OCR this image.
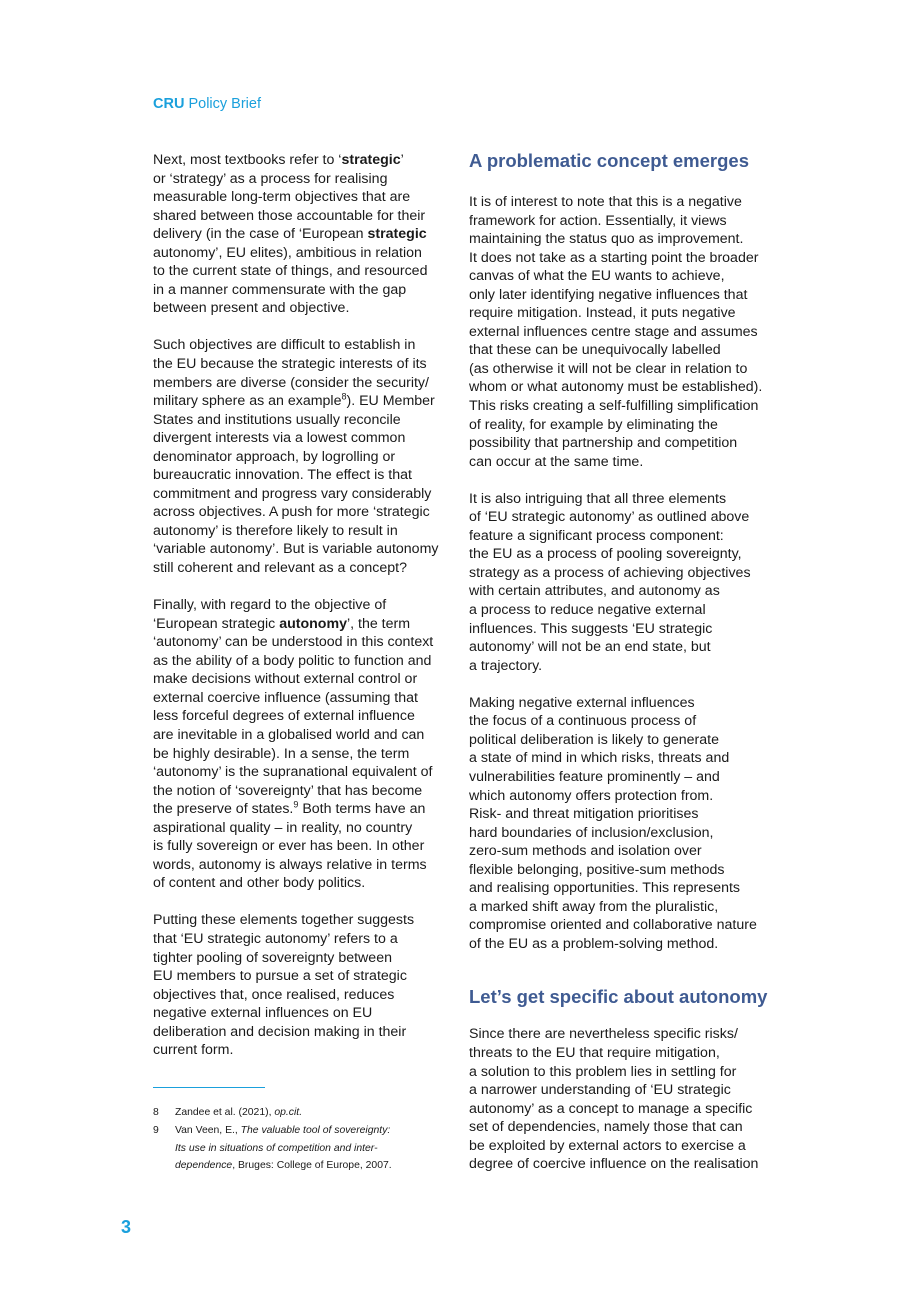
CRU Policy Brief
Next, most textbooks refer to ‘strategic’
or ‘strategy’ as a process for realising
measurable long-term objectives that are
shared between those accountable for their
delivery (in the case of ‘European strategic
autonomy’, EU elites), ambitious in relation
to the current state of things, and resourced
in a manner commensurate with the gap
between present and objective.
Such objectives are difficult to establish in
the EU because the strategic interests of its
members are diverse (consider the security/
military sphere as an example$^8$). EU Member
States and institutions usually reconcile
divergent interests via a lowest common
denominator approach, by logrolling or
bureaucratic innovation. The effect is that
commitment and progress vary considerably
across objectives. A push for more ‘strategic
autonomy’ is therefore likely to result in
‘variable autonomy’. But is variable autonomy
still coherent and relevant as a concept?
Finally, with regard to the objective of
‘European strategic autonomy’, the term
‘autonomy’ can be understood in this context
as the ability of a body politic to function and
make decisions without external control or
external coercive influence (assuming that
less forceful degrees of external influence
are inevitable in a globalised world and can
be highly desirable). In a sense, the term
‘autonomy’ is the supranational equivalent of
the notion of ‘sovereignty’ that has become
the preserve of states.$^9$ Both terms have an
aspirational quality – in reality, no country
is fully sovereign or ever has been. In other
words, autonomy is always relative in terms
of content and other body politics.
Putting these elements together suggests
that ‘EU strategic autonomy’ refers to a
tighter pooling of sovereignty between
EU members to pursue a set of strategic
objectives that, once realised, reduces
negative external influences on EU
deliberation and decision making in their
current form.
8 Zandee et al. (2021), op.cit.
9 Van Veen, E., The valuable tool of sovereignty:
Its use in situations of competition and inter-
dependence, Bruges: College of Europe, 2007.
A problematic concept emerges
It is of interest to note that this is a negative
framework for action. Essentially, it views
maintaining the status quo as improvement.
It does not take as a starting point the broader
canvas of what the EU wants to achieve,
only later identifying negative influences that
require mitigation. Instead, it puts negative
external influences centre stage and assumes
that these can be unequivocally labelled
(as otherwise it will not be clear in relation to
whom or what autonomy must be established).
This risks creating a self-fulfilling simplification
of reality, for example by eliminating the
possibility that partnership and competition
can occur at the same time.
It is also intriguing that all three elements
of ‘EU strategic autonomy’ as outlined above
feature a significant process component:
the EU as a process of pooling sovereignty,
strategy as a process of achieving objectives
with certain attributes, and autonomy as
a process to reduce negative external
influences. This suggests ‘EU strategic
autonomy’ will not be an end state, but
a trajectory.
Making negative external influences
the focus of a continuous process of
political deliberation is likely to generate
a state of mind in which risks, threats and
vulnerabilities feature prominently – and
which autonomy offers protection from.
Risk- and threat mitigation prioritises
hard boundaries of inclusion/exclusion,
zero-sum methods and isolation over
flexible belonging, positive-sum methods
and realising opportunities. This represents
a marked shift away from the pluralistic,
compromise oriented and collaborative nature
of the EU as a problem-solving method.
Let’s get specific about autonomy
Since there are nevertheless specific risks/
threats to the EU that require mitigation,
a solution to this problem lies in settling for
a narrower understanding of ‘EU strategic
autonomy’ as a concept to manage a specific
set of dependencies, namely those that can
be exploited by external actors to exercise a
degree of coercive influence on the realisation
3
